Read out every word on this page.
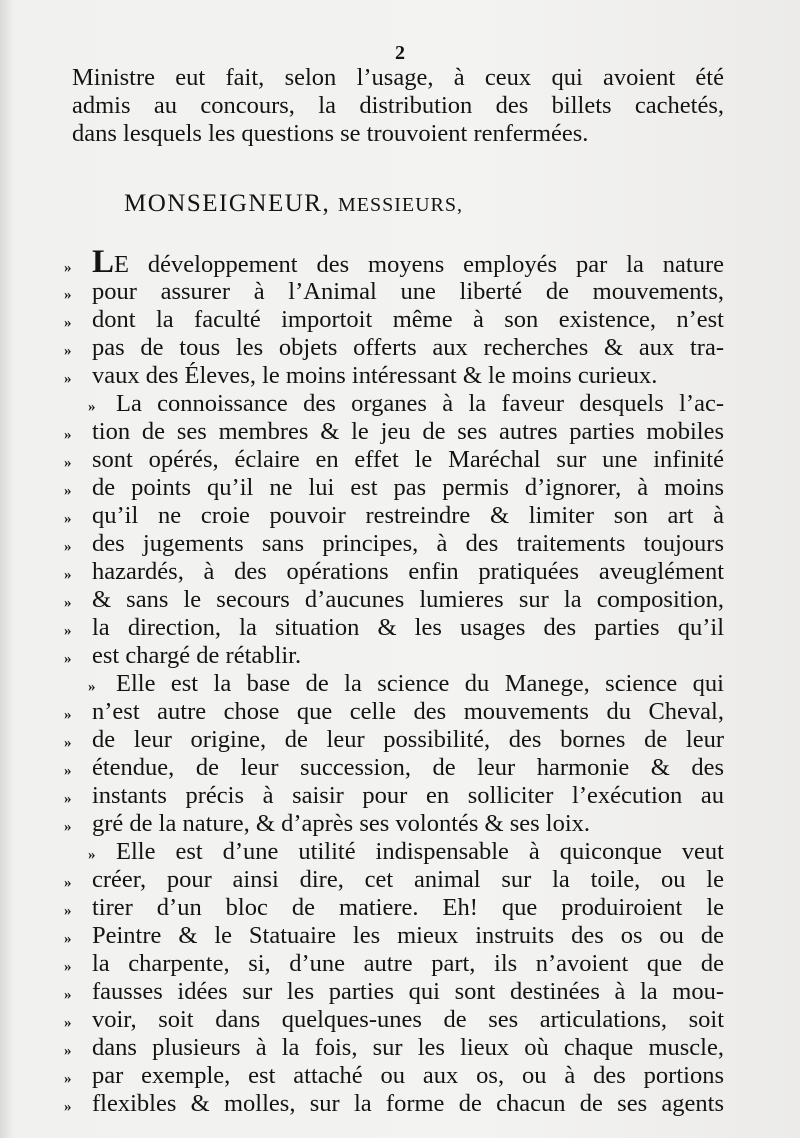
2
Ministre eut fait, selon l’usage, à ceux qui avoient été
admis au concours, la distribution des billets cachetés,
dans lesquels les questions se trouvoient renfermées.
MONSEIGNEUR, MESSIEURS,
» LE développement des moyens employés par la nature
» pour assurer à l’Animal une liberté de mouvements,
» dont la faculté importoit même à son existence, n’est
» pas de tous les objets offerts aux recherches & aux tra-
» vaux des Éleves, le moins intéressant & le moins curieux.
» La connoissance des organes à la faveur desquels l’ac-
» tion de ses membres & le jeu de ses autres parties mobiles
» sont opérés, éclaire en effet le Maréchal sur une infinité
» de points qu’il ne lui est pas permis d’ignorer, à moins
» qu’il ne croie pouvoir restreindre & limiter son art à
» des jugements sans principes, à des traitements toujours
» hazardés, à des opérations enfin pratiquées aveuglément
» & sans le secours d’aucunes lumieres sur la composition,
» la direction, la situation & les usages des parties qu’il
» est chargé de rétablir.
» Elle est la base de la science du Manege, science qui
» n’est autre chose que celle des mouvements du Cheval,
» de leur origine, de leur possibilité, des bornes de leur
» étendue, de leur succession, de leur harmonie & des
» instants précis à saisir pour en solliciter l’exécution au
» gré de la nature, & d’après ses volontés & ses loix.
» Elle est d’une utilité indispensable à quiconque veut
» créer, pour ainsi dire, cet animal sur la toile, ou le
» tirer d’un bloc de matiere. Eh! que produiroient le
» Peintre & le Statuaire les mieux instruits des os ou de
» la charpente, si, d’une autre part, ils n’avoient que de
» fausses idées sur les parties qui sont destinées à la mou-
» voir, soit dans quelques-unes de ses articulations, soit
» dans plusieurs à la fois, sur les lieux où chaque muscle,
» par exemple, est attaché ou aux os, ou à des portions
» flexibles & molles, sur la forme de chacun de ses agents
